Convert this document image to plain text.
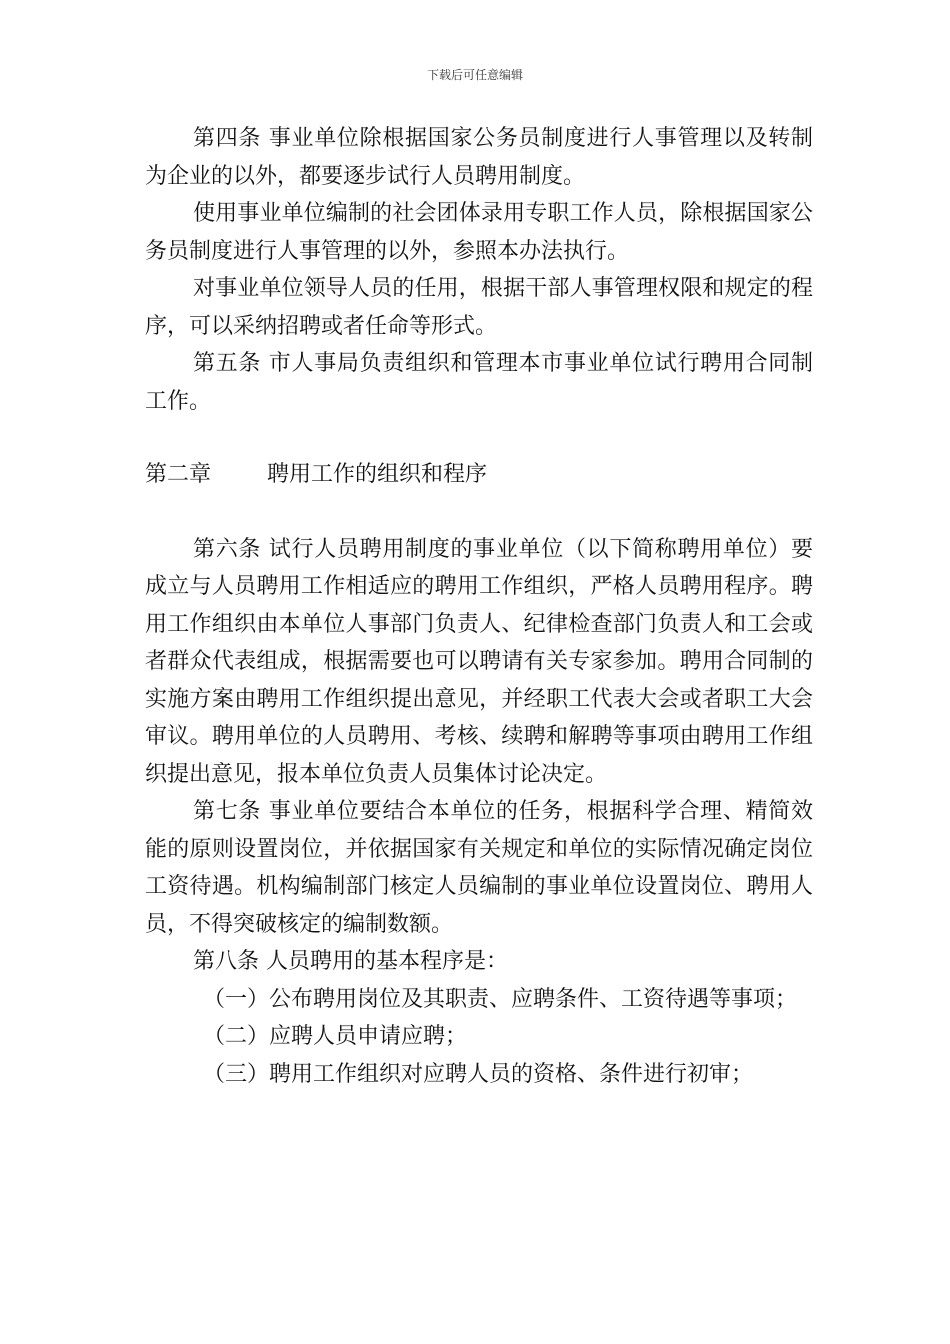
下载后可任意编辑

第四条 事业单位除根据国家公务员制度进行人事管理以及转制为企业的以外，都要逐步试行人员聘用制度。

使用事业单位编制的社会团体录用专职工作人员，除根据国家公务员制度进行人事管理的以外，参照本办法执行。

对事业单位领导人员的任用，根据干部人事管理权限和规定的程序，可以采纳招聘或者任命等形式。

第五条 市人事局负责组织和管理本市事业单位试行聘用合同制工作。

第二章        聘用工作的组织和程序

第六条 试行人员聘用制度的事业单位（以下简称聘用单位）要成立与人员聘用工作相适应的聘用工作组织，严格人员聘用程序。聘用工作组织由本单位人事部门负责人、纪律检查部门负责人和工会或者群众代表组成，根据需要也可以聘请有关专家参加。聘用合同制的实施方案由聘用工作组织提出意见，并经职工代表大会或者职工大会审议。聘用单位的人员聘用、考核、续聘和解聘等事项由聘用工作组织提出意见，报本单位负责人员集体讨论决定。

第七条 事业单位要结合本单位的任务，根据科学合理、精简效能的原则设置岗位，并依据国家有关规定和单位的实际情况确定岗位工资待遇。机构编制部门核定人员编制的事业单位设置岗位、聘用人员，不得突破核定的编制数额。

第八条 人员聘用的基本程序是：

（一）公布聘用岗位及其职责、应聘条件、工资待遇等事项；

（二）应聘人员申请应聘；

（三）聘用工作组织对应聘人员的资格、条件进行初审；
